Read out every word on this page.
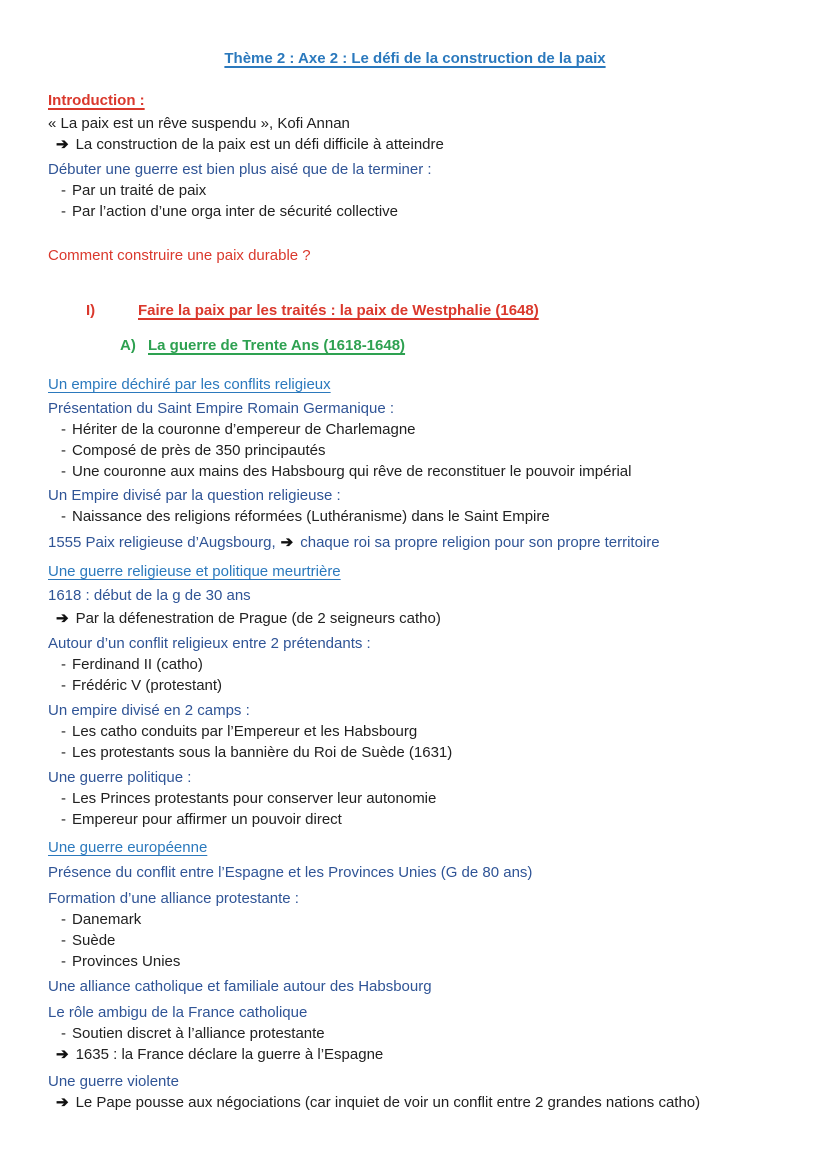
Thème 2 : Axe 2 : Le défi de la construction de la paix
Introduction :
« La paix est un rêve suspendu », Kofi Annan
➔ La construction de la paix est un défi difficile à atteindre
Débuter une guerre est bien plus aisé que de la terminer :
- Par un traité de paix
- Par l’action d’une orga inter de sécurité collective
Comment construire une paix durable ?
I)	Faire la paix par les traités : la paix de Westphalie (1648)
A) La guerre de Trente Ans (1618-1648)
Un empire déchiré par les conflits religieux
Présentation du Saint Empire Romain Germanique :
- Hériter de la couronne d’empereur de Charlemagne
- Composé de près de 350 principautés
- Une couronne aux mains des Habsbourg qui rêve de reconstituer le pouvoir impérial
Un Empire divisé par la question religieuse :
- Naissance des religions réformées (Luthéranisme) dans le Saint Empire
1555 Paix religieuse d’Augsbourg, ➔ chaque roi sa propre religion pour son propre territoire
Une guerre religieuse et politique meurtrière
1618 : début de la g de 30 ans
➔ Par la défenestration de Prague (de 2 seigneurs catho)
Autour d’un conflit religieux entre 2 prétendants :
- Ferdinand II (catho)
- Frédéric V (protestant)
Un empire divisé en 2 camps :
- Les catho conduits par l’Empereur et les Habsbourg
- Les protestants sous la bannière du Roi de Suède (1631)
Une guerre politique :
- Les Princes protestants pour conserver leur autonomie
- Empereur pour affirmer un pouvoir direct
Une guerre européenne
Présence du conflit entre l’Espagne et les Provinces Unies (G de 80 ans)
Formation d’une alliance protestante :
- Danemark
- Suède
- Provinces Unies
Une alliance catholique et familiale autour des Habsbourg
Le rôle ambigu de la France catholique
- Soutien discret à l’alliance protestante
➔ 1635 : la France déclare la guerre à l’Espagne
Une guerre violente
➔ Le Pape pousse aux négociations (car inquiet de voir un conflit entre 2 grandes nations catho)
